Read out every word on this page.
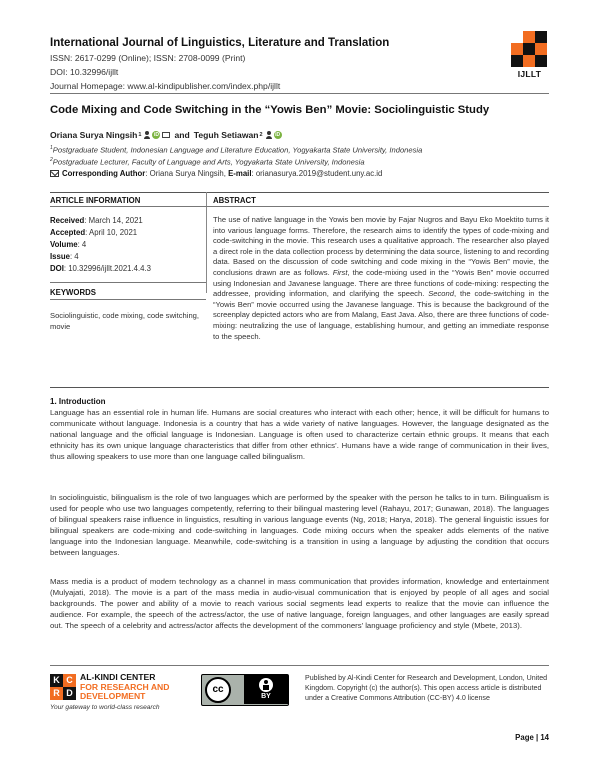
International Journal of Linguistics, Literature and Translation
ISSN: 2617-0299 (Online); ISSN: 2708-0099 (Print)
DOI: 10.32996/ijllt
Journal Homepage: www.al-kindipublisher.com/index.php/ijllt
IJLLT
Code Mixing and Code Switching in the “Yowis Ben” Movie: Sociolinguistic Study
Oriana Surya Ningsih 1	iD and Teguh Setiawan 2	iD
$^1$Postgraduate Student, Indonesian Language and Literature Education, Yogyakarta State University, Indonesia
$^2$Postgraduate Lecturer, Faculty of Language and Arts, Yogyakarta State University, Indonesia
Corresponding Author: Oriana Surya Ningsih, E-mail: orianasurya.2019@student.uny.ac.id
ARTICLE INFORMATION	ABSTRACT
Received: March 14, 2021
Accepted: April 10, 2021
Volume: 4
Issue: 4
DOI: 10.32996/ijllt.2021.4.4.3
KEYWORDS
Sociolinguistic, code mixing, code switching, movie
The use of native language in the Yowis ben movie by Fajar Nugros and Bayu Eko Moektito turns it into various language forms. Therefore, the research aims to identify the types of code-mixing and code-switching in the movie. This research uses a qualitative approach. The researcher also played a direct role in the data collection process by determining the data source, listening to and recording data. Based on the discussion of code switching and code mixing in the “Yowis Ben” movie, the conclusions drawn are as follows. First, the code-mixing used in the “Yowis Ben” movie occurred using Indonesian and Javanese language. There are three functions of code-mixing: respecting the addressee, providing information, and clarifying the speech. Second, the code-switching in the “Yowis Ben” movie occurred using the Javanese language. This is because the background of the screenplay depicted actors who are from Malang, East Java. Also, there are three functions of code-mixing: neutralizing the use of language, establishing humour, and getting an immediate response to the speech.
1. Introduction
Language has an essential role in human life. Humans are social creatures who interact with each other; hence, it will be difficult for humans to communicate without language. Indonesia is a country that has a wide variety of native languages. However, the language designated as the national language and the official language is Indonesian. Language is often used to characterize certain ethnic groups. It means that each ethnicity has its own unique language characteristics that differ from other ethnics’. Humans have a wide range of communication in their lives, thus allowing speakers to use more than one language called bilingualism.
In sociolinguistic, bilingualism is the role of two languages which are performed by the speaker with the person he talks to in turn. Bilingualism is used for people who use two languages competently, referring to their bilingual mastering level (Rahayu, 2017; Gunawan, 2018). The languages of bilingual speakers raise influence in linguistics, resulting in various language events (Ng, 2018; Harya, 2018). The general linguistic issues for bilingual speakers are code-mixing and code-switching in languages. Code mixing occurs when the speaker adds elements of the native language into the Indonesian language. Meanwhile, code-switching is a transition in using a language by adjusting the condition that occurs between languages.
Mass media is a product of modern technology as a channel in mass communication that provides information, knowledge and entertainment (Mulyajati, 2018). The movie is a part of the mass media in audio-visual communication that is enjoyed by people of all ages and social backgrounds. The power and ability of a movie to reach various social segments lead experts to realize that the movie can influence the audience. For example, the speech of the actress/actor, the use of native language, foreign languages, and other languages are easily spread out. The speech of a celebrity and actress/actor affects the development of the commoners’ language proficiency and style (Mbete, 2013).
K C
R D
AL-KINDI CENTER
FOR RESEARCH AND
DEVELOPMENT
Your gateway to world-class research
cc
BY
Published by Al-Kindi Center for Research and Development, London, United Kingdom. Copyright (c) the author(s). This open access article is distributed under a Creative Commons Attribution (CC-BY) 4.0 license
Page | 14
